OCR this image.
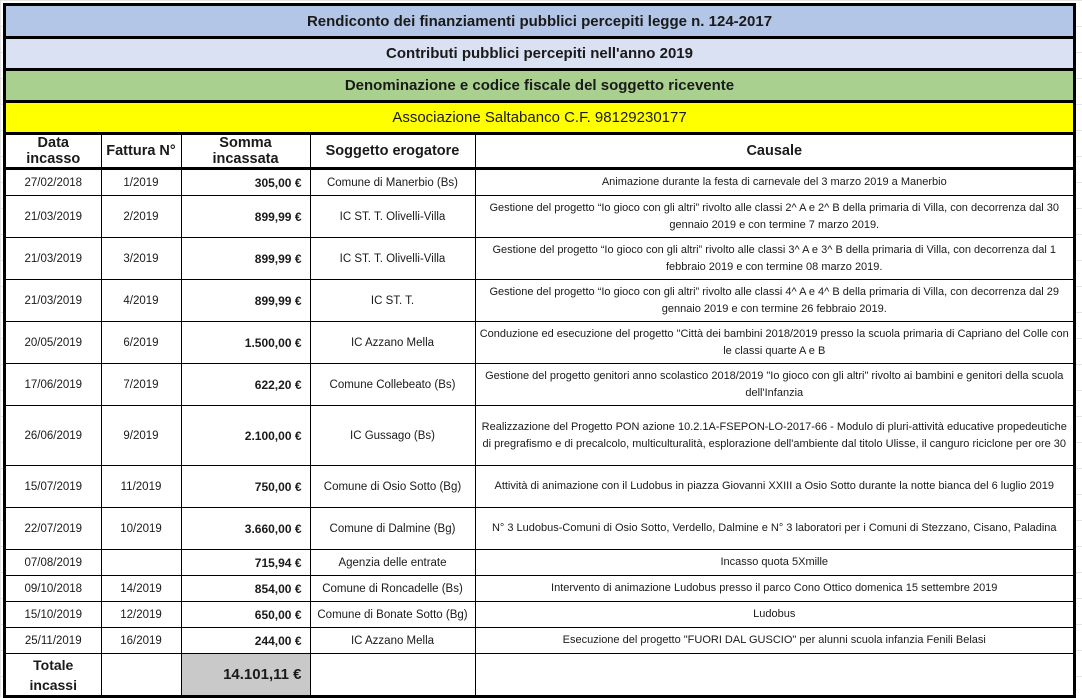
Rendiconto dei finanziamenti pubblici percepiti legge n. 124-2017
Contributi pubblici percepiti nell'anno 2019
Denominazione e codice fiscale del soggetto ricevente
Associazione Saltabanco C.F. 98129230177
Data incasso	Fattura N°	Somma incassata	Soggetto erogatore	Causale
27/02/2018	1/2019	305,00 €	Comune di Manerbio (Bs)	Animazione durante la festa di carnevale del 3 marzo 2019 a Manerbio
21/03/2019	2/2019	899,99 €	IC ST. T. Olivelli-Villa	Gestione del progetto “Io gioco con gli altri” rivolto alle classi 2^ A e 2^ B della primaria di Villa, con decorrenza dal 30 gennaio 2019 e con termine 7 marzo 2019.
21/03/2019	3/2019	899,99 €	IC ST. T. Olivelli-Villa	Gestione del progetto “Io gioco con gli altri” rivolto alle classi 3^ A e 3^ B della primaria di Villa, con decorrenza dal 1 febbraio 2019 e con termine 08 marzo 2019.
21/03/2019	4/2019	899,99 €	IC ST. T.	Gestione del progetto “Io gioco con gli altri” rivolto alle classi 4^ A e 4^ B della primaria di Villa, con decorrenza dal 29 gennaio 2019 e con termine 26 febbraio 2019.
20/05/2019	6/2019	1.500,00 €	IC Azzano Mella	Conduzione ed esecuzione del progetto "Città dei bambini 2018/2019 presso la scuola primaria di Capriano del Colle con le classi quarte A e B
17/06/2019	7/2019	622,20 €	Comune Collebeato (Bs)	Gestione del progetto genitori anno scolastico 2018/2019 "Io gioco con gli altri" rivolto ai bambini e genitori della scuola dell'Infanzia
26/06/2019	9/2019	2.100,00 €	IC Gussago (Bs)	Realizzazione del Progetto PON azione 10.2.1A-FSEPON-LO-2017-66 - Modulo di pluri-attività educative propedeutiche di pregrafismo e di precalcolo, multiculturalità, esplorazione dell'ambiente dal titolo Ulisse, il canguro riciclone per ore 30
15/07/2019	11/2019	750,00 €	Comune di Osio Sotto (Bg)	Attività di animazione con il Ludobus in piazza Giovanni XXIII a Osio Sotto durante la notte bianca del 6 luglio 2019
22/07/2019	10/2019	3.660,00 €	Comune di Dalmine (Bg)	N° 3 Ludobus-Comuni di Osio Sotto, Verdello, Dalmine e N° 3 laboratori per i Comuni di Stezzano, Cisano, Paladina
07/08/2019		715,94 €	Agenzia delle entrate	Incasso quota 5Xmille
09/10/2018	14/2019	854,00 €	Comune di Roncadelle (Bs)	Intervento di animazione Ludobus presso il parco Cono Ottico domenica 15 settembre 2019
15/10/2019	12/2019	650,00 €	Comune di Bonate Sotto (Bg)	Ludobus
25/11/2019	16/2019	244,00 €	IC Azzano Mella	Esecuzione del progetto "FUORI DAL GUSCIO" per alunni scuola infanzia Fenili Belasi
Totale incassi		14.101,11 €		
